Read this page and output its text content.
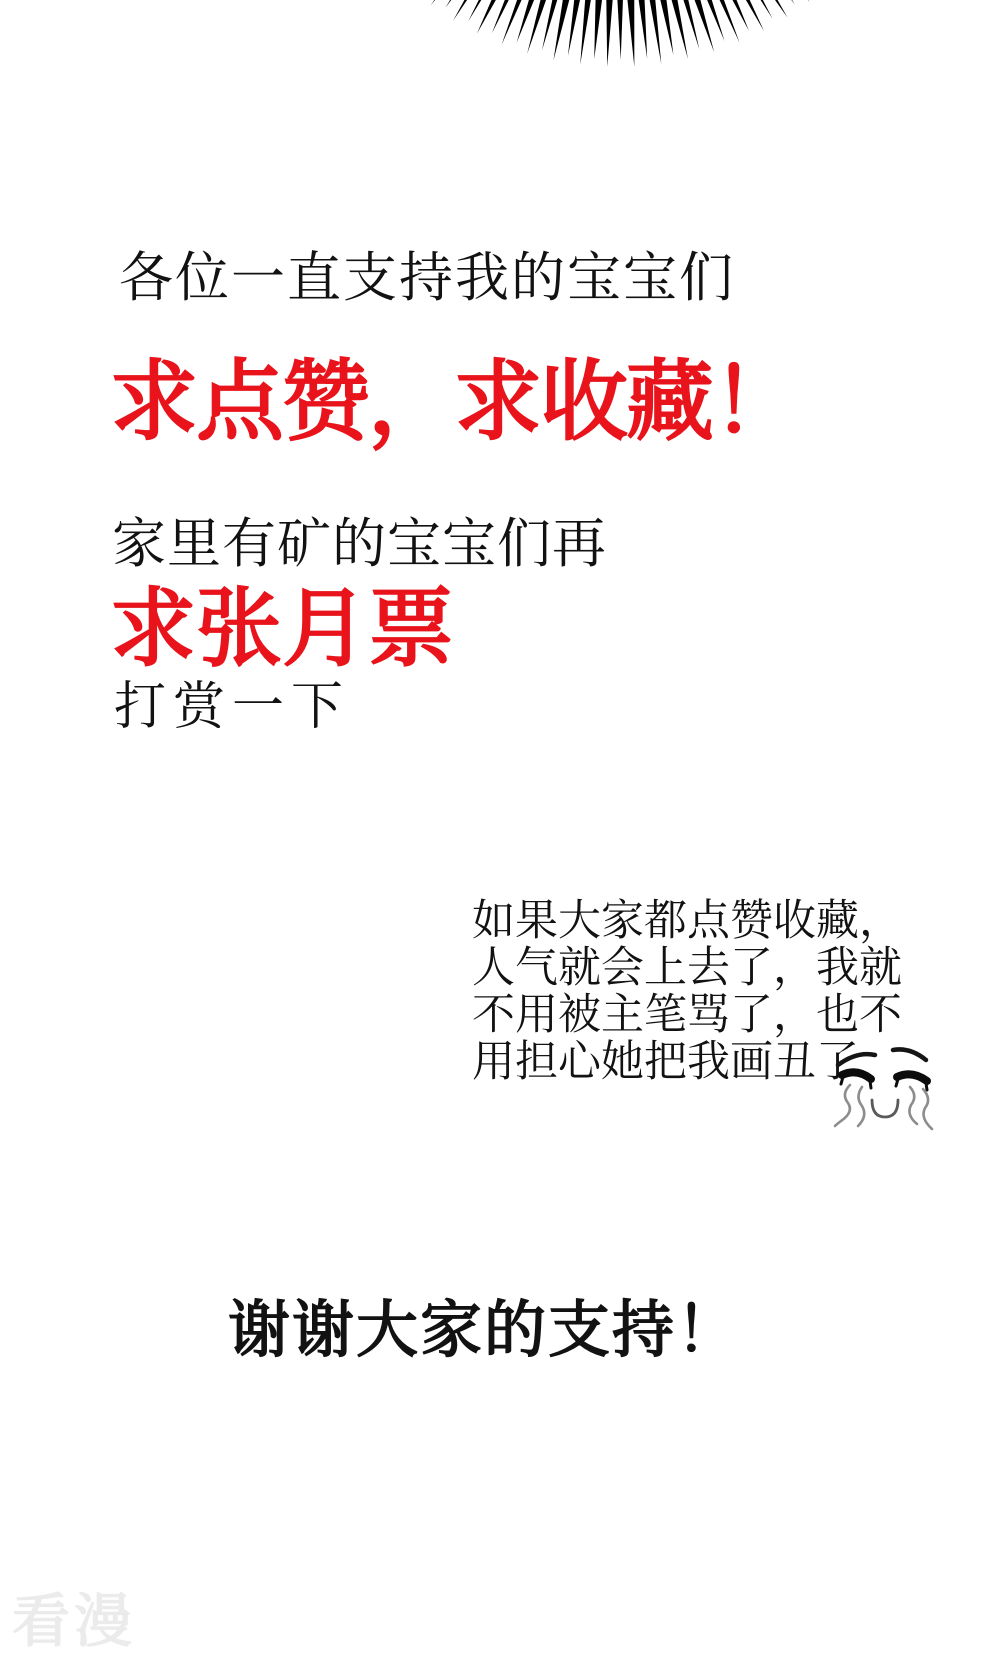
各位一直支持我的宝宝们
求点赞，求收藏！
家里有矿的宝宝们再
求张月票
打赏一下
如果大家都点赞收藏，
人气就会上去了，我就
不用被主笔骂了，也不
用担心她把我画丑了
谢谢大家的支持！
看漫
